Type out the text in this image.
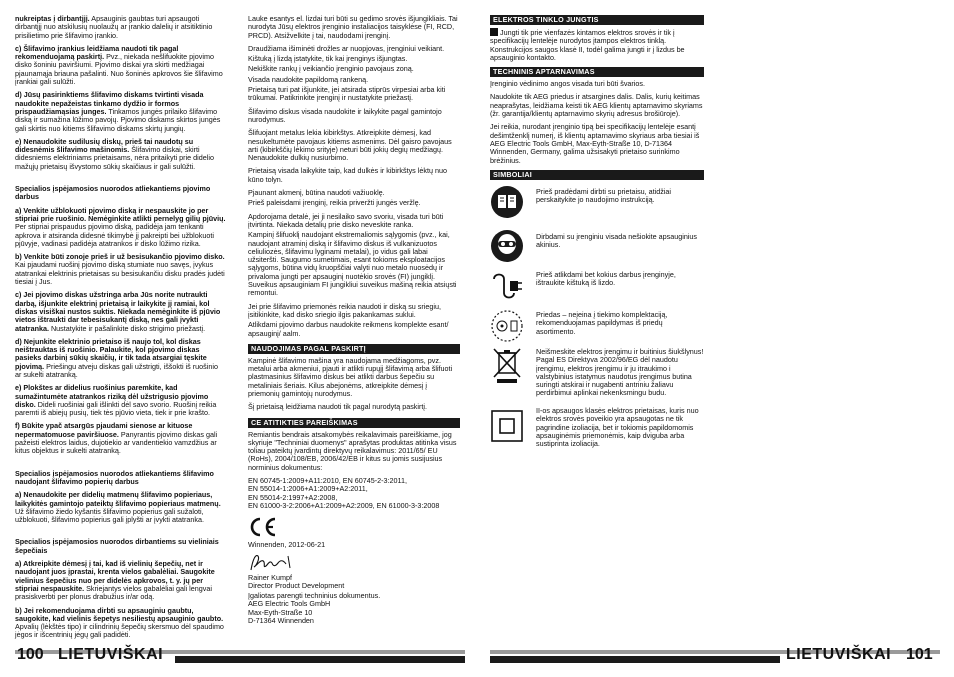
nukreiptas į dirbantįjį. Apsauginis gaubtas turi apsaugoti dirbantįjį nuo atskilusių nuolaužų ar įrankio dalelių ir atsitiktinio prisilietimo prie šlifavimo įrankio.

c) Šlifavimo įrankius leidžiama naudoti tik pagal rekomenduojamą paskirtį. Pvz., niekada nešlifuokite pjovimo disko šoniniu paviršiumi. Pjovimo diskai yra skirti medžiagai pjaunamąja briauna pašalinti. Nuo šoninės apkrovos šie šlifavimo įrankiai gali sulūžti.

d) Jūsų pasirinktiems šlifavimo diskams tvirtinti visada naudokite nepažeistas tinkamo dydžio ir formos prispaudžiamąsias junges. Tinkamos jungės prilaiko šlifavimo diską ir sumažina lūžimo pavojų. Pjovimo diskams skirtos jungės gali skirtis nuo kitiems šlifavimo diskams skirtų jungių.

e) Nenaudokite sudilusių diskų, prieš tai naudotų su didesnėmis šlifavimo mašinomis. Šlifavimo diskai, skirti didesniems elektriniams prietaisams, nėra pritaikyti prie didelio mažųjų prietaisų išvystomo sūkių skaičiaus ir gali sulūžti.

Specialios įspėjamosios nuorodos atliekantiems pjovimo darbus

a) Venkite užblokuoti pjovimo diską ir nespauskite jo per stipriai prie ruošinio. Nemėginkite atlikti pernelyg gilių pjūvių. Per stipriai prispaudus pjovimo diską, padidėja jam tenkanti apkrova ir atsiranda didesnė tikimybė jį pakreipti bei užblokuoti pjūvyje, vadinasi padidėja atatrankos ir disko lūžimo rizika.

b) Venkite būti zonoje prieš ir už besisukančio pjovimo disko. Kai pjaudami ruošinį pjovimo diską stumiate nuo savęs, įvykus atatrankai elektrinis prietaisas su besisukančiu disku pradės judėti tiesiai į Jus.

c) Jei pjovimo diskas užstringa arba Jūs norite nutraukti darbą, išjunkite elektrinį prietaisą ir laikykite jį ramiai, kol diskas visiškai nustos suktis. Niekada nemėginkite iš pjūvio vietos ištraukti dar tebesisukantį diską, nes gali įvykti atatranka. Nustatykite ir pašalinkite disko strigimo priežastį.

d) Nejunkite elektrinio prietaiso iš naujo tol, kol diskas neištrauktas iš ruošinio. Palaukite, kol pjovimo diskas pasieks darbinį sūkių skaičių, ir tik tada atsargiai tęskite pjovimą. Priešingu atveju diskas gali užstrigti, iššokti iš ruošinio ar sukelti atatranką.

e) Plokštes ar didelius ruošinius paremkite, kad sumažintumėte atatrankos riziką dėl užstrigusio pjovimo disko. Dideli ruošiniai gali išlinkti dėl savo svorio. Ruošinį reikia paremti iš abiejų pusių, tiek tės pjūvio vieta, tiek ir prie krašto.

f) Būkite ypač atsargūs pjaudami sienose ar kituose nepermatomuose paviršiuose. Panyrantis pjovimo diskas gali pažeisti elektros laidus, dujotiekio ar vandentiekio vamzdžius ar kitus objektus ir sukelti atatranką.

Specialios įspėjamosios nuorodos atliekantiems šlifavimo naudojant šlifavimo popierių darbus

a) Nenaudokite per didelių matmenų šlifavimo popieriaus, laikykitės gamintojo pateiktų šlifavimo popieriaus matmenų. Už šlifavimo žiedo kyšantis šlifavimo popierius gali sužaloti, užblokuoti, šlifavimo popierius gali įplyšti ar įvykti atatranka.

Specialios įspėjamosios nuorodos dirbantiems su vieliniais šepečiais

a) Atkreipkite dėmesį į tai, kad iš vielinių šepečių, net ir naudojant juos įprastai, krenta vielos gabalėliai. Saugokite vielinius šepečius nuo per didelės apkrovos, t. y. jų per stipriai nespauskite. Skriejantys vielos gabalėliai gali lengvai prasiskverbti per plonus drabužius ir/ar odą.

b) Jei rekomenduojama dirbti su apsauginiu gaubtu, saugokite, kad vielinis šepetys nesiliestų apsauginio gaubto. Apvalių (lėkštės tipo) ir cilindrinių šepečių skersmuo dėl spaudimo jėgos ir išcentrinių jėgų gali padidėti.

Lauke esantys el. lizdai turi būti su gedimo srovės išjungikliais. Tai nurodyta Jūsų elektros įrenginio instaliacijos taisyklėse (FI, RCD, PRCD). Atsižvelkite į tai, naudodami įrenginį.

Draudžiama išiminėti drožles ar nuopjovas, įrenginiui veikiant.

Kištuką į lizdą įstatykite, tik kai įrenginys išjungtas.

Nekiškite rankų į veikiančio įrenginio pavojaus zoną.

Visada naudokite papildomą rankeną.

Prietaisą turi pat išjunkite, jei atsirada stiprūs virpesiai arba kiti trūkumai. Patikrinkite įrenginį ir nustatykite priežastį.

Šlifavimo diskus visada naudokite ir laikykite pagal gamintojo nurodymus.

Šlifuojant metalus lekia kibirkštys. Atkreipkite dėmesį, kad nesukeltumėte pavojaus kitiems asmenims. Dėl gaisro pavojaus arti (kibirkščių lėkimo srityje) neturi būti jokių degių medžiagų. Nenaudokite dulkių nusiurbimo.

Prietaisą visada laikykite taip, kad dulkės ir kibirkštys lėktų nuo kūno tolyn.

Pjaunant akmenį, būtina naudoti važiuoklę.

Prieš paleisdami įrenginį, reikia priveržti jungės veržlę.

Apdorojama detalė, jei ji nesilaiko savo svoriu, visada turi būti įtvirtinta. Niekada detalių prie disko neveskite ranka.

Kampinį šlifuoklį naudojant ekstremaliomis sąlygomis (pvz., kai, naudojant atraminį diską ir šlifavimo diskus iš vulkanizuotos celiuliozės, šlifavimu lyginami metalai), jo vidus gali labai užsiteršti. Saugumo sumetimais, esant tokioms eksploatacijos sąlygoms, būtina vidų kruopščiai valyti nuo metalo nuosėdų ir privaloma jungti per apsauginį nuotėkio srovės (FI) jungiklį. Suveikus apsauginiam FI jungikliui suveikus mašiną reikia atsiųsti remontui.

Jei prie šlifavimo priemonės reikia naudoti ir diską su sriegiu, įsitikinkite, kad disko sriegio ilgis pakankamas suklui.

Atlikdami pjovimo darbus naudokite reikmens komplekte esant/ apsauginį/ aalm.

NAUDOJIMAS PAGAL PASKIRTĮ

Kampinė šlifavimo mašina yra naudojama medžiagoms, pvz. metalui arba akmeniui, pjauti ir atlikti rupųjį šlifavimą arba šlifuoti plastmasinius šlifavimo diskus bei atlikti darbus šepečiu su metaliniais šeriais. Kilus abejonėms, atkreipkite dėmesį į priemonių gamintojų nurodymus.

Šį prietaisą leidžiama naudoti tik pagal nurodytą paskirtį.

CE ATITIKTIES PAREIŠKIMAS

Remiantis bendrais atsakomybės reikalavimais pareiškiame, jog skyriuje "Techniniai duomenys" aprašytas produktas atitinka visus toliau pateiktų įvardintų direktyvų reikalavimus: 2011/65/ EU (RoHs), 2004/108/EB, 2006/42/EB ir kitus su jomis susijusius norminius dokumentus:

EN 60745-1:2009+A11:2010, EN 60745-2-3:2011,
EN 55014-1:2006+A1:2009+A2:2011,
EN 55014-2:1997+A2:2008,
EN 61000-3-2:2006+A1:2009+A2:2009, EN 61000-3-3:2008
Winnenden, 2012-06-21
Rainer Kumpf
Director Product Development
Įgaliotas parengti techninius dokumentus.
AEG Electric Tools GmbH
Max-Eyth-Straße 10
D-71364 Winnenden
ELEKTROS TINKLO JUNGTIS

Jungti tik prie vienfazės kintamos elektros srovės ir tik į specifikacijų lentelėje nurodytos įtampos elektros tinklą. Konstrukcijos saugos klasė II, todėl galima jungti ir į lizdus be apsauginio kontakto.

TECHNINIS APTARNAVIMAS

Įrenginio vėdinimo angos visada turi būti švarios.

Naudokite tik AEG priedus ir atsargines dalis. Dalis, kurių keitimas neaprašytas, leidžiama keisti tik AEG klientų aptarnavimo skyriams (žr. garantija/klientų aptarnavimo skyrių adresus brošiūroje).

Jei reikia, nurodant įrenginio tipą bei specifikacijų lentelėje esantį dešimtženklį numerį, iš klientų aptarnavimo skyriaus arba tiesiai iš AEG Electric Tools GmbH, Max-Eyth-Straße 10, D-71364 Winnenden, Germany, galima užsisakyti prietaiso surinkimo brėžinius.

SIMBOLIAI
Prieš pradėdami dirbti su prietaisu, atidžiai perskaitykite jo naudojimo instrukciją.
Dirbdami su įrenginiu visada nešiokite apsauginius akinius.
Prieš atlikdami bet kokius darbus įrenginyje, ištraukite kištuką iš lizdo.
Priedas – neįeina į tiekimo komplektaciją, rekomenduojamas papildymas iš priedų asortimento.
Neišmeskite elektros įrengimu ir buitinius šiukšlynus! Pagal ES Direktyva 2002/96/EG dėl naudotu įrengimu, elektros įrengimu ir ju itraukimo i valstybinius istatymus naudotus įrengimus butina suringti atskirai ir nugabenti antriniu žaliavu perdirbimui aplinkai nekenksmingu budu.
II-os apsaugos klasės elektros prietaisas, kuris nuo elektros srovės poveikio yra apsaugotas ne tik pagrindine izoliacija, bet ir tokiomis papildomomis apsauginėmis priemonėmis, kaip dviguba arba sustiprinta izoliacija.
100 LIETUVIŠKAI	LIETUVIŠKAI 101
